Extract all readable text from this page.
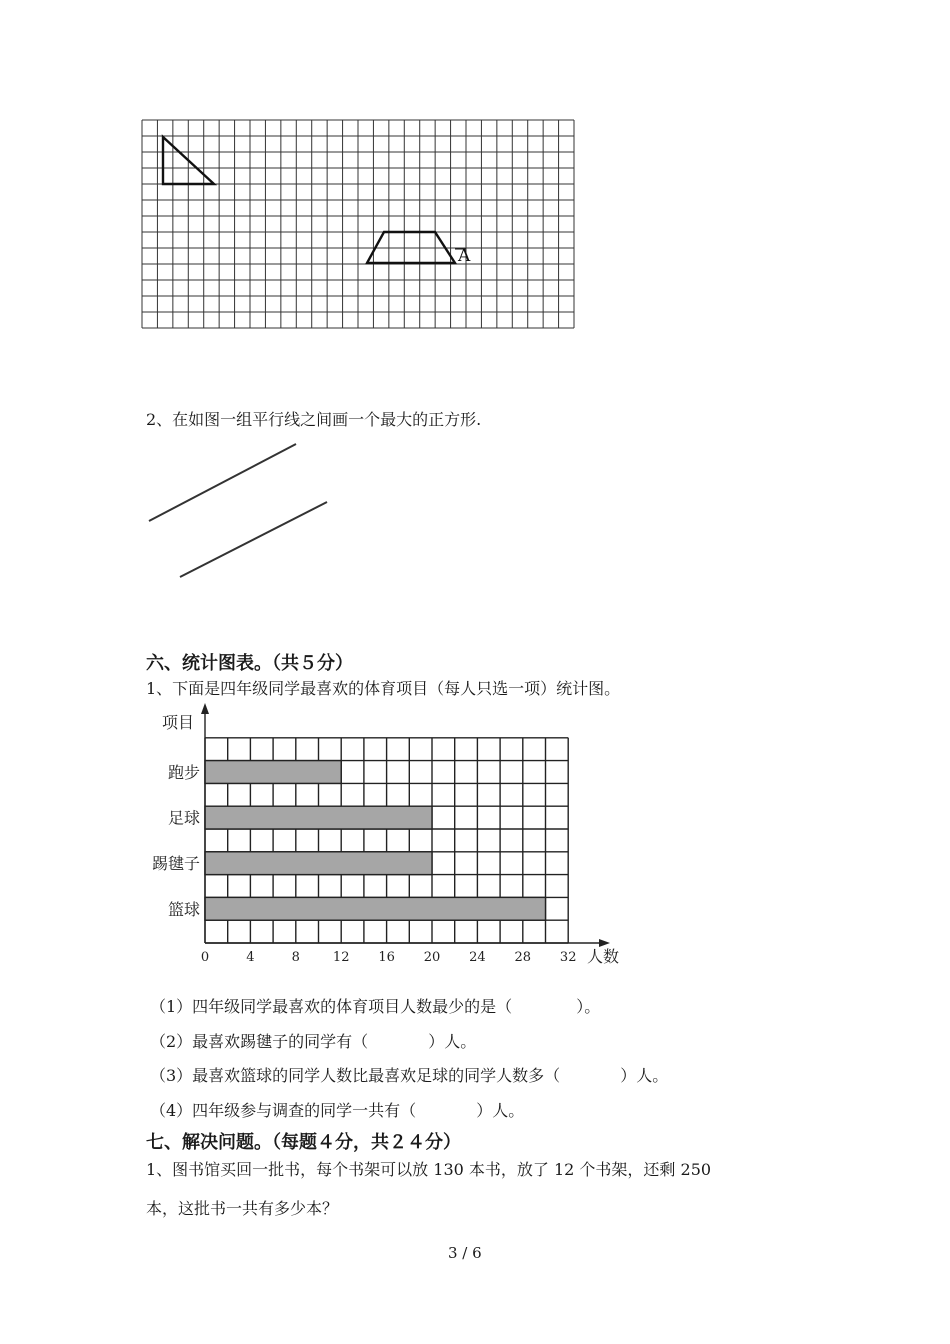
A
2、在如图一组平行线之间画一个最大的正方形.
六、统计图表。（共５分）
1、下面是四年级同学最喜欢的体育项目（每人只选一项）统计图。
跑步
足球
踢毽子
篮球
0	4	8	12 16 20 24 28 32
项目
人数
（1）四年级同学最喜欢的体育项目人数最少的是（	）。
（2）最喜欢踢毽子的同学有（	）人。
（3）最喜欢篮球的同学人数比最喜欢足球的同学人数多（	）人。
（4）四年级参与调查的同学一共有（	）人。
七、解决问题。（每题４分，共２４分）
1、图书馆买回一批书，每个书架可以放 130 本书，放了 12 个书架，还剩 250
本，这批书一共有多少本？
3 / 6
